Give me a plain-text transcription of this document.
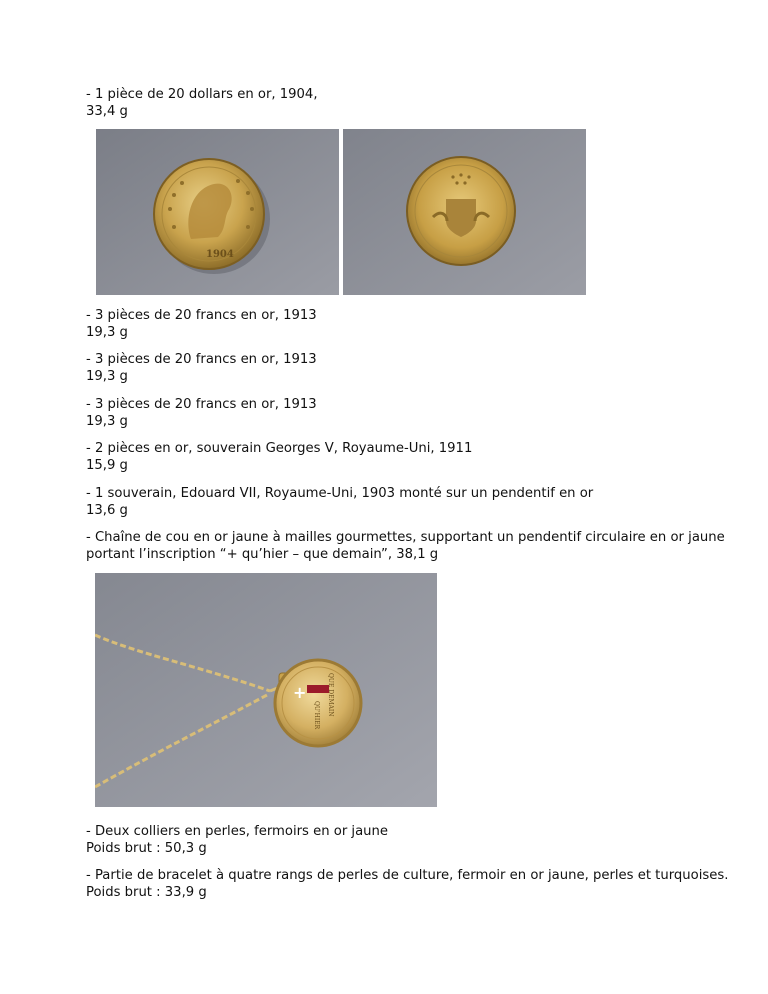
- 1 pièce de 20 dollars en or, 1904,
33,4 g

1904

- 3 pièces de 20 francs en or, 1913
19,3 g

- 3 pièces de 20 francs en or, 1913
19,3 g

- 3 pièces de 20 francs en or, 1913
19,3 g

- 2 pièces en or, souverain Georges V, Royaume-Uni, 1911
15,9 g

- 1 souverain, Edouard VII, Royaume-Uni, 1903 monté sur un pendentif en or
13,6 g

- Chaîne de cou en or jaune à mailles gourmettes, supportant un pendentif circulaire en or jaune
portant l’inscription “+ qu’hier – que demain”, 38,1 g

+
QU'HIER QUE DEMAIN

- Deux colliers en perles, fermoirs en or jaune
Poids brut : 50,3 g

- Partie de bracelet à quatre rangs de perles de culture, fermoir en or jaune, perles et turquoises.
Poids brut : 33,9 g
